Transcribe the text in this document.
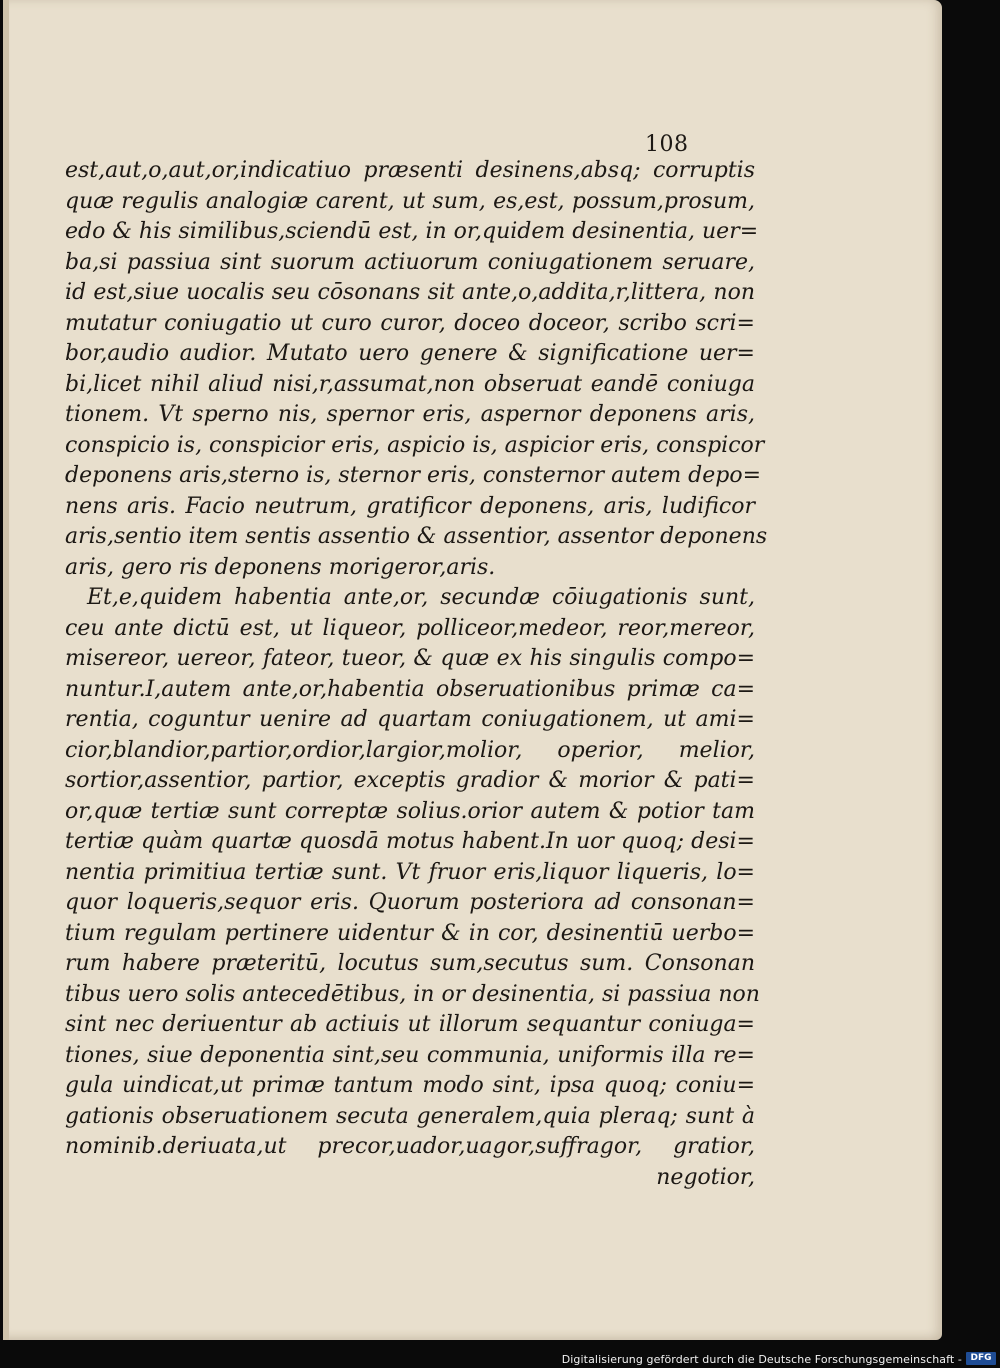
108
est,aut,o,aut,or,indicatiuo præsenti desinens,absq; corruptis
quæ regulis analogiæ carent, ut sum, es,est, possum,prosum,
edo & his similibus,sciendū est, in or,quidem desinentia, uer=
ba,si passiua sint suorum actiuorum coniugationem seruare,
id est,siue uocalis seu cōsonans sit ante,o,addita,r,littera, non
mutatur coniugatio ut curo curor, doceo doceor, scribo scri=
bor,audio audior. Mutato uero genere & significatione uer=
bi,licet nihil aliud nisi,r,assumat,non obseruat eandē coniuga
tionem. Vt sperno nis, spernor eris, aspernor deponens aris,
conspicio is, conspicior eris, aspicio is, aspicior eris, conspicor
deponens aris,sterno is, sternor eris, consternor autem depo=
nens aris. Facio neutrum, gratificor deponens, aris, ludificor
aris,sentio item sentis assentio & assentior, assentor deponens
aris, gero ris deponens morigeror,aris.
Et,e,quidem habentia ante,or, secundæ cōiugationis sunt,
ceu ante dictū est, ut liqueor, polliceor,medeor, reor,mereor,
misereor, uereor, fateor, tueor, & quæ ex his singulis compo=
nuntur.I,autem ante,or,habentia obseruationibus primæ ca=
rentia, coguntur uenire ad quartam coniugationem, ut ami=
cior,blandior,partior,ordior,largior,molior, operior, melior,
sortior,assentior, partior, exceptis gradior & morior & pati=
or,quæ tertiæ sunt correptæ solius.orior autem & potior tam
tertiæ quàm quartæ quosdā motus habent.In uor quoq; desi=
nentia primitiua tertiæ sunt. Vt fruor eris,liquor liqueris, lo=
quor loqueris,sequor eris. Quorum posteriora ad consonan=
tium regulam pertinere uidentur & in cor, desinentiū uerbo=
rum habere præteritū, locutus sum,secutus sum. Consonan
tibus uero solis antecedētibus, in or desinentia, si passiua non
sint nec deriuentur ab actiuis ut illorum sequantur coniuga=
tiones, siue deponentia sint,seu communia, uniformis illa re=
gula uindicat,ut primæ tantum modo sint, ipsa quoq; coniu=
gationis obseruationem secuta generalem,quia pleraq; sunt à
nominib.deriuata,ut precor,uador,uagor,suffragor, gratior,
negotior,
Digitalisierung gefördert durch die Deutsche Forschungsgemeinschaft - DFG
